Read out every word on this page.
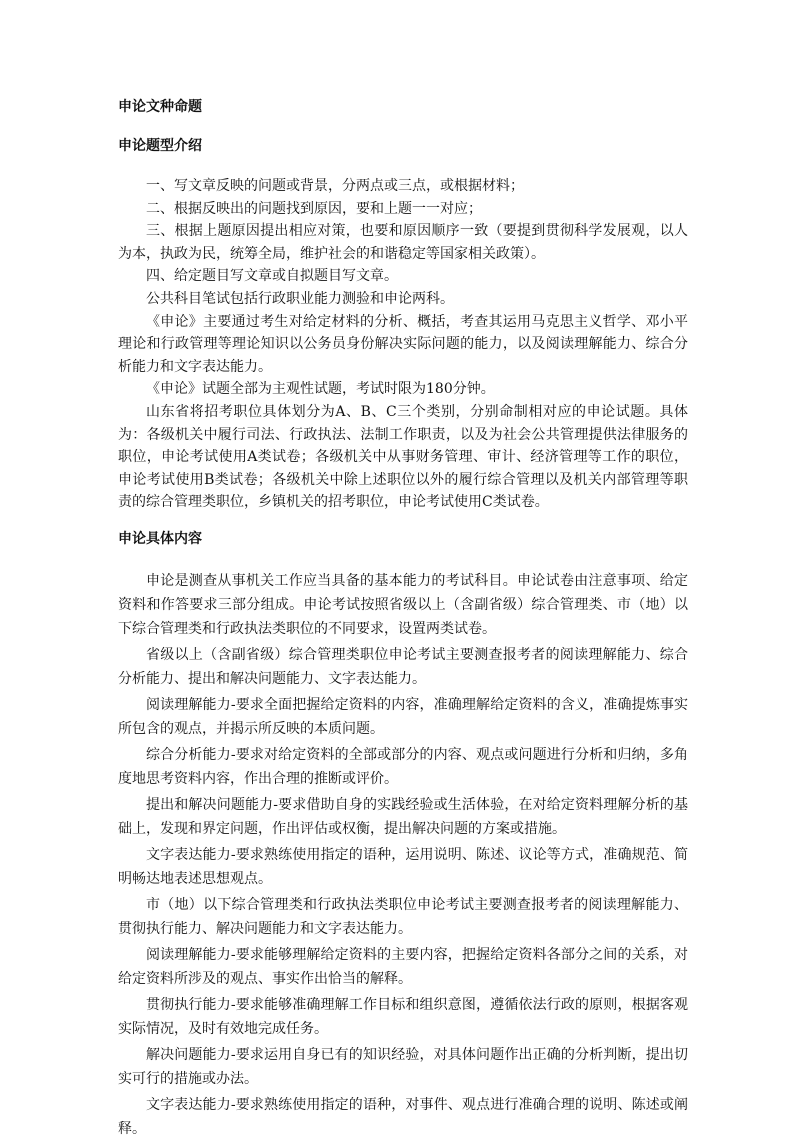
申论文种命题
申论题型介绍

一、写文章反映的问题或背景，分两点或三点，或根据材料；

二、根据反映出的问题找到原因，要和上题一一对应；

三、根据上题原因提出相应对策，也要和原因顺序一致（要提到贯彻科学发展观，以人为本，执政为民，统筹全局，维护社会的和谐稳定等国家相关政策）。

四、给定题目写文章或自拟题目写文章。

公共科目笔试包括行政职业能力测验和申论两科。

《申论》主要通过考生对给定材料的分析、概括，考查其运用马克思主义哲学、邓小平理论和行政管理等理论知识以公务员身份解决实际问题的能力，以及阅读理解能力、综合分析能力和文字表达能力。

《申论》试题全部为主观性试题，考试时限为180分钟。

山东省将招考职位具体划分为A、B、C三个类别，分别命制相对应的申论试题。具体为：各级机关中履行司法、行政执法、法制工作职责，以及为社会公共管理提供法律服务的职位，申论考试使用A类试卷；各级机关中从事财务管理、审计、经济管理等工作的职位，申论考试使用B类试卷；各级机关中除上述职位以外的履行综合管理以及机关内部管理等职责的综合管理类职位，乡镇机关的招考职位，申论考试使用C类试卷。

申论具体内容

申论是测查从事机关工作应当具备的基本能力的考试科目。申论试卷由注意事项、给定资料和作答要求三部分组成。申论考试按照省级以上（含副省级）综合管理类、市（地）以下综合管理类和行政执法类职位的不同要求，设置两类试卷。

省级以上（含副省级）综合管理类职位申论考试主要测查报考者的阅读理解能力、综合分析能力、提出和解决问题能力、文字表达能力。

阅读理解能力-要求全面把握给定资料的内容，准确理解给定资料的含义，准确提炼事实所包含的观点，并揭示所反映的本质问题。

综合分析能力-要求对给定资料的全部或部分的内容、观点或问题进行分析和归纳，多角度地思考资料内容，作出合理的推断或评价。

提出和解决问题能力-要求借助自身的实践经验或生活体验，在对给定资料理解分析的基础上，发现和界定问题，作出评估或权衡，提出解决问题的方案或措施。

文字表达能力-要求熟练使用指定的语种，运用说明、陈述、议论等方式，准确规范、简明畅达地表述思想观点。

市（地）以下综合管理类和行政执法类职位申论考试主要测查报考者的阅读理解能力、贯彻执行能力、解决问题能力和文字表达能力。

阅读理解能力-要求能够理解给定资料的主要内容，把握给定资料各部分之间的关系，对给定资料所涉及的观点、事实作出恰当的解释。

贯彻执行能力-要求能够准确理解工作目标和组织意图，遵循依法行政的原则，根据客观实际情况，及时有效地完成任务。

解决问题能力-要求运用自身已有的知识经验，对具体问题作出正确的分析判断，提出切实可行的措施或办法。

文字表达能力-要求熟练使用指定的语种，对事件、观点进行准确合理的说明、陈述或阐释。
